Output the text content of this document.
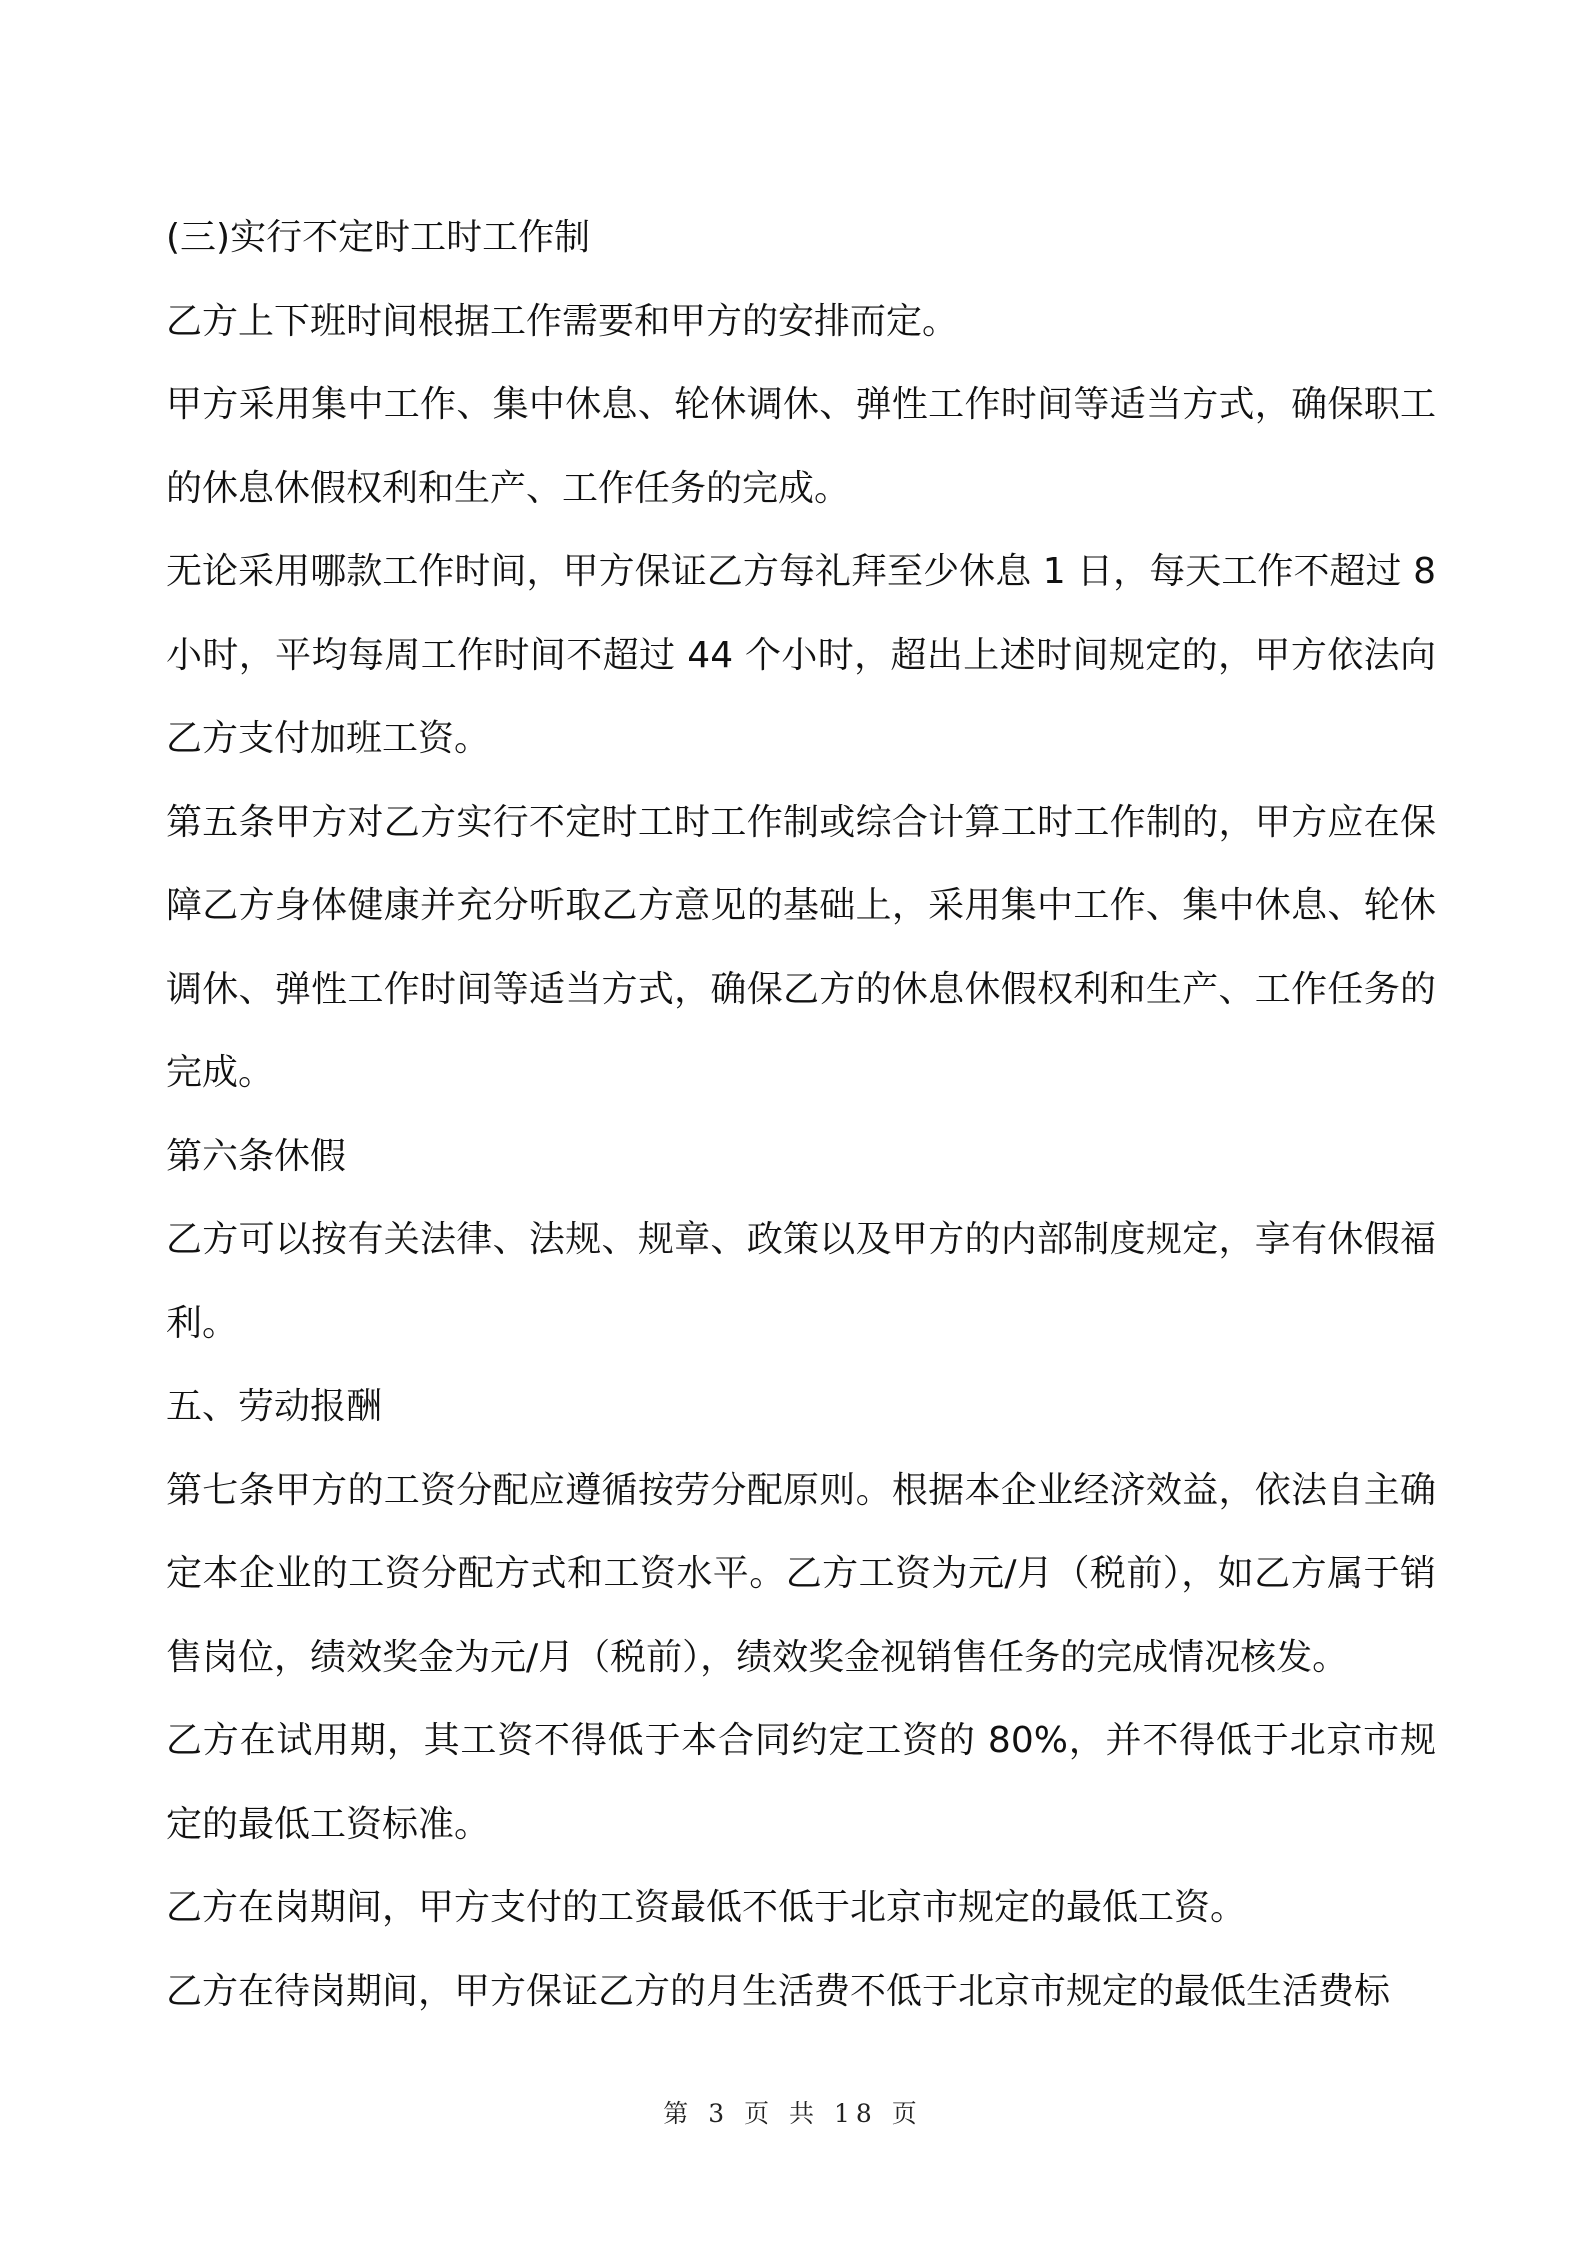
(三)实行不定时工时工作制

乙方上下班时间根据工作需要和甲方的安排而定。

甲方采用集中工作、集中休息、轮休调休、弹性工作时间等适当方式，确保职工的休息休假权利和生产、工作任务的完成。

无论采用哪款工作时间，甲方保证乙方每礼拜至少休息 1 日，每天工作不超过 8 小时，平均每周工作时间不超过 44 个小时，超出上述时间规定的，甲方依法向乙方支付加班工资。

第五条甲方对乙方实行不定时工时工作制或综合计算工时工作制的，甲方应在保障乙方身体健康并充分听取乙方意见的基础上，采用集中工作、集中休息、轮休调休、弹性工作时间等适当方式，确保乙方的休息休假权利和生产、工作任务的完成。

第六条休假

乙方可以按有关法律、法规、规章、政策以及甲方的内部制度规定，享有休假福利。

五、劳动报酬

第七条甲方的工资分配应遵循按劳分配原则。根据本企业经济效益，依法自主确定本企业的工资分配方式和工资水平。乙方工资为元/月（税前），如乙方属于销售岗位，绩效奖金为元/月（税前），绩效奖金视销售任务的完成情况核发。

乙方在试用期，其工资不得低于本合同约定工资的 80%，并不得低于北京市规定的最低工资标准。

乙方在岗期间，甲方支付的工资最低不低于北京市规定的最低工资。

乙方在待岗期间，甲方保证乙方的月生活费不低于北京市规定的最低生活费标

第 3 页 共 18 页
